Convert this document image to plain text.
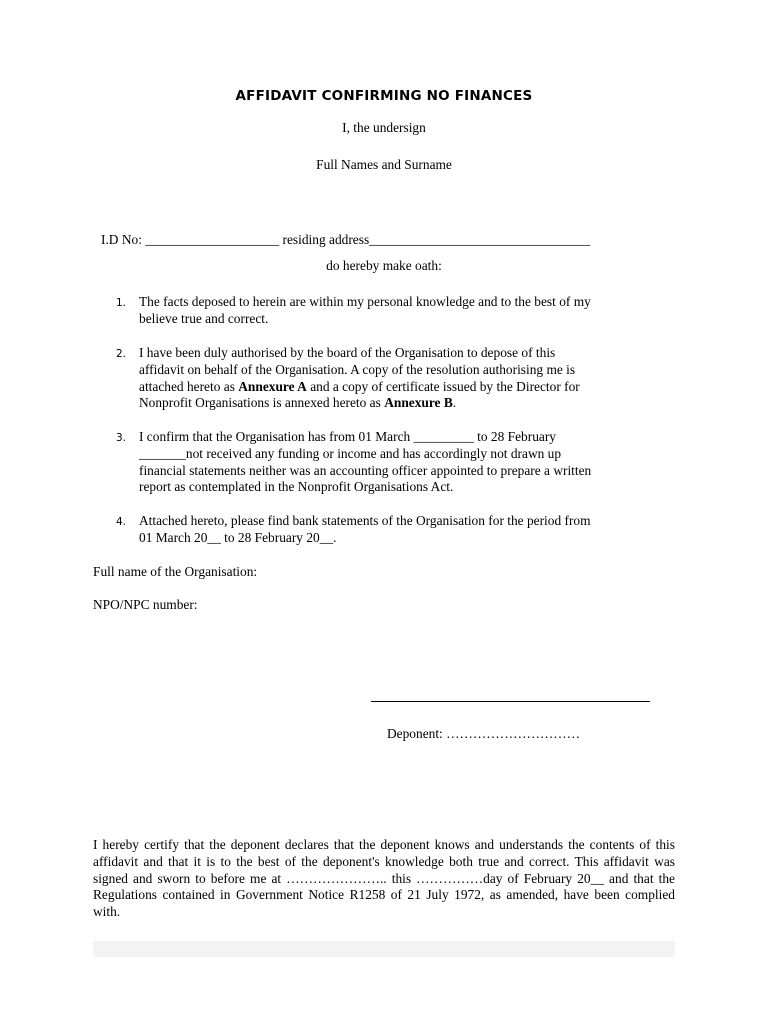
AFFIDAVIT CONFIRMING NO FINANCES
I, the undersign
Full Names and Surname
I.D No: ____________________ residing address_________________________________
do hereby make oath:
1. The facts deposed to herein are within my personal knowledge and to the best of my
believe true and correct.
2. I have been duly authorised by the board of the Organisation to depose of this
affidavit on behalf of the Organisation. A copy of the resolution authorising me is
attached hereto as Annexure A and a copy of certificate issued by the Director for
Nonprofit Organisations is annexed hereto as Annexure B.
3. I confirm that the Organisation has from 01 March _________ to 28 February
_______not received any funding or income and has accordingly not drawn up
financial statements neither was an accounting officer appointed to prepare a written
report as contemplated in the Nonprofit Organisations Act.
4. Attached hereto, please find bank statements of the Organisation for the period from
01 March 20__ to 28 February 20__.
Full name of the Organisation:
NPO/NPC number:
Deponent: …………………………
I hereby certify that the deponent declares that the deponent knows and understands the contents of this affidavit and that it is to the best of the deponent's knowledge both true and correct. This affidavit was signed and sworn to before me at ………………….. this ……………day of February 20__ and that the Regulations contained in Government Notice R1258 of 21 July 1972, as amended, have been complied with.
